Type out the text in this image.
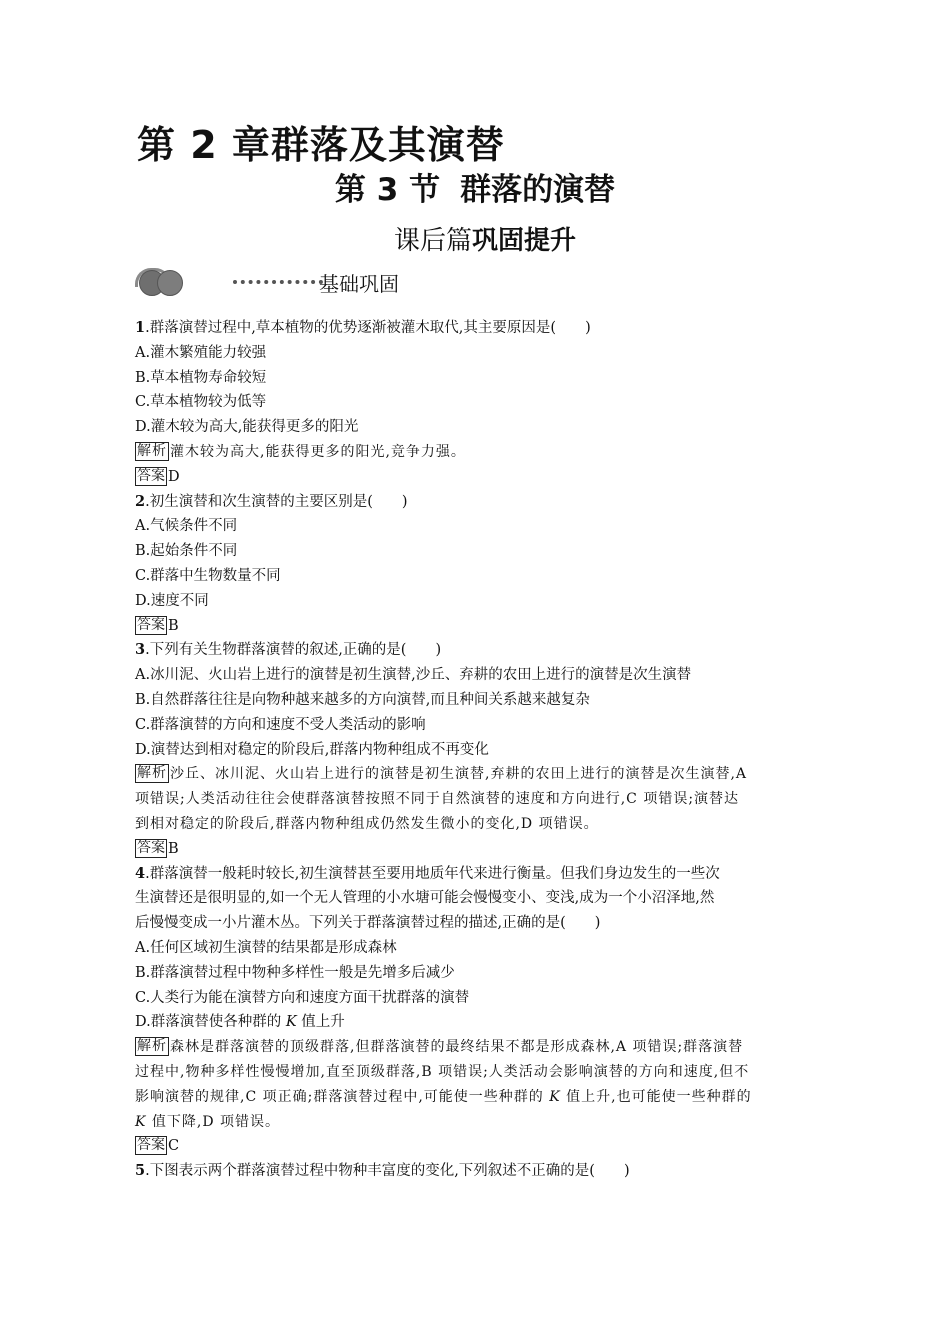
第 2 章群落及其演替
第 3 节 群落的演替
课后篇巩固提升
基础巩固
1.群落演替过程中,草本植物的优势逐渐被灌木取代,其主要原因是(　　)
A.灌木繁殖能力较强
B.草本植物寿命较短
C.草本植物较为低等
D.灌木较为高大,能获得更多的阳光
解析 灌木较为高大,能获得更多的阳光,竞争力强。
答案 D
2.初生演替和次生演替的主要区别是(　　)
A.气候条件不同
B.起始条件不同
C.群落中生物数量不同
D.速度不同
答案 B
3.下列有关生物群落演替的叙述,正确的是(　　)
A.冰川泥、火山岩上进行的演替是初生演替,沙丘、弃耕的农田上进行的演替是次生演替
B.自然群落往往是向物种越来越多的方向演替,而且种间关系越来越复杂
C.群落演替的方向和速度不受人类活动的影响
D.演替达到相对稳定的阶段后,群落内物种组成不再变化
解析 沙丘、冰川泥、火山岩上进行的演替是初生演替,弃耕的农田上进行的演替是次生演替,A
项错误;人类活动往往会使群落演替按照不同于自然演替的速度和方向进行,C 项错误;演替达
到相对稳定的阶段后,群落内物种组成仍然发生微小的变化,D 项错误。
答案 B
4.群落演替一般耗时较长,初生演替甚至要用地质年代来进行衡量。但我们身边发生的一些次
生演替还是很明显的,如一个无人管理的小水塘可能会慢慢变小、变浅,成为一个小沼泽地,然
后慢慢变成一小片灌木丛。下列关于群落演替过程的描述,正确的是(　　)
A.任何区域初生演替的结果都是形成森林
B.群落演替过程中物种多样性一般是先增多后减少
C.人类行为能在演替方向和速度方面干扰群落的演替
D.群落演替使各种群的 K 值上升
解析 森林是群落演替的顶级群落,但群落演替的最终结果不都是形成森林,A 项错误;群落演替
过程中,物种多样性慢慢增加,直至顶级群落,B 项错误;人类活动会影响演替的方向和速度,但不
影响演替的规律,C 项正确;群落演替过程中,可能使一些种群的 K 值上升,也可能使一些种群的
K 值下降,D 项错误。
答案 C
5.下图表示两个群落演替过程中物种丰富度的变化,下列叙述不正确的是(　　)
